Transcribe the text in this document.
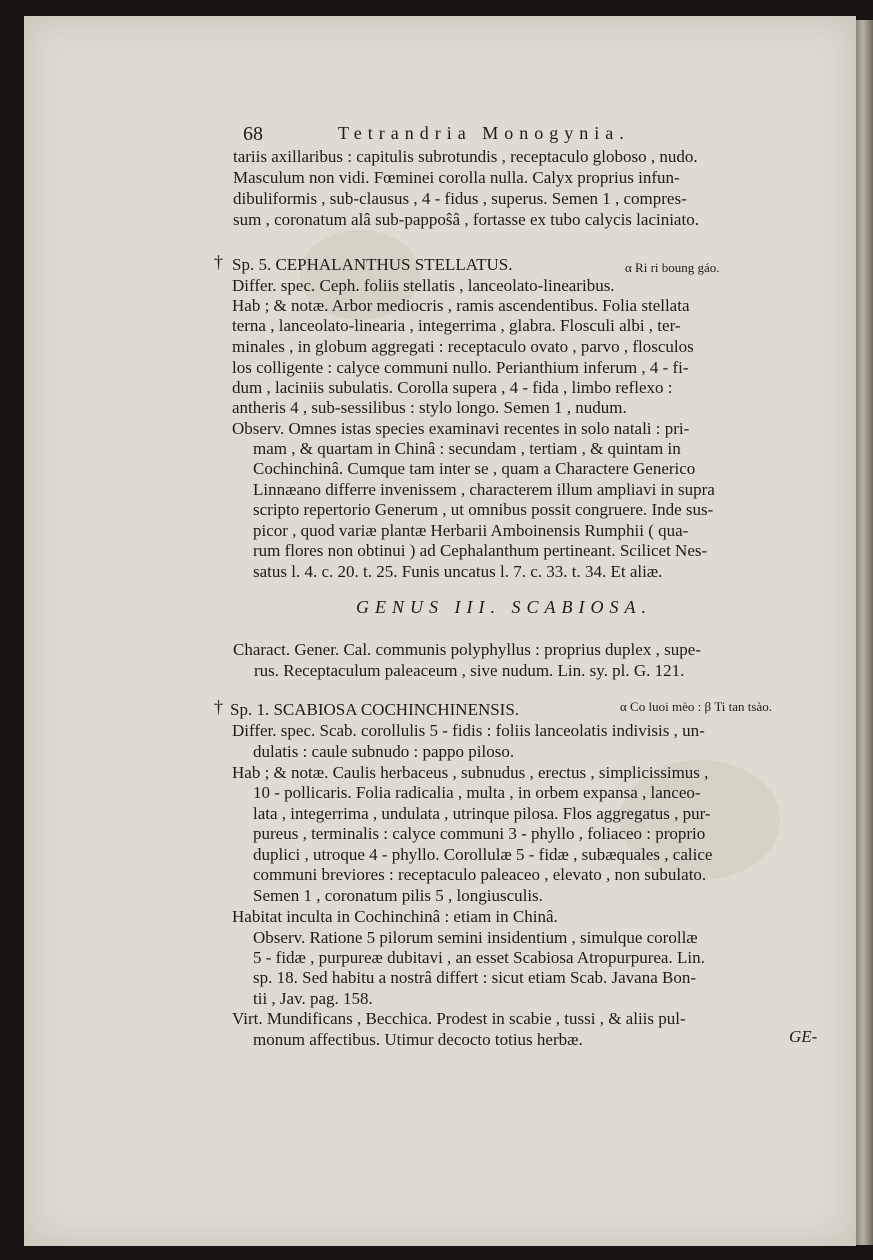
68	Tetrandria Monogynia.
tariis axillaribus : capitulis subrotundis , receptaculo globoso , nudo.
Masculum non vidi. Fœminei corolla nulla. Calyx proprius infun-
dibuliformis , sub-clausus , 4 - fidus , superus. Semen 1 , compres-
sum , coronatum alâ sub-pappoŝâ , fortasse ex tubo calycis laciniato.
Sp. 5. CEPHALANTHUS STELLATUS.
Differ. spec. Ceph. foliis stellatis , lanceolato-linearibus.
Hab ; & notæ. Arbor mediocris , ramis ascendentibus. Folia stellata
terna , lanceolato-linearia , integerrima , glabra. Flosculi albi , ter-
minales , in globum aggregati : receptaculo ovato , parvo , flosculos
los colligente : calyce communi nullo. Perianthium inferum , 4 - fi-
dum , laciniis subulatis. Corolla supera , 4 - fida , limbo reflexo :
antheris 4 , sub-sessilibus : stylo longo. Semen 1 , nudum.
Observ. Omnes istas species examinavi recentes in solo natali : pri-
mam , & quartam in Chinâ : secundam , tertiam , & quintam in
Cochinchinâ. Cumque tam inter se , quam a Charactere Generico
Linnæano differre invenissem , characterem illum ampliavi in supra
scripto repertorio Generum , ut omnibus possit congruere. Inde sus-
picor , quod variæ plantæ Herbarii Amboinensis Rumphii ( qua-
rum flores non obtinui ) ad Cephalanthum pertineant. Scilicet Nes-
satus l. 4. c. 20. t. 25. Funis uncatus l. 7. c. 33. t. 34. Et aliæ.
GENUS III. SCABIOSA.
Charact. Gener. Cal. communis polyphyllus : proprius duplex , supe-
rus. Receptaculum paleaceum , sive nudum. Lin. sy. pl. G. 121.
Sp. 1. SCABIOSA COCHINCHINENSIS.
Differ. spec. Scab. corollulis 5 - fidis : foliis lanceolatis indivisis , un-
dulatis : caule subnudo : pappo piloso.
Hab ; & notæ. Caulis herbaceus , subnudus , erectus , simplicissimus ,
10 - pollicaris. Folia radicalia , multa , in orbem expansa , lanceo-
lata , integerrima , undulata , utrinque pilosa. Flos aggregatus , pur-
pureus , terminalis : calyce communi 3 - phyllo , foliaceo : proprio
duplici , utroque 4 - phyllo. Corollulæ 5 - fidæ , subæquales , calice
communi breviores : receptaculo paleaceo , elevato , non subulato.
Semen 1 , coronatum pilis 5 , longiusculis.
Habitat inculta in Cochinchinâ : etiam in Chinâ.
Observ. Ratione 5 pilorum semini insidentium , simulque corollæ
5 - fidæ , purpureæ dubitavi , an esset Scabiosa Atropurpurea. Lin.
sp. 18. Sed habitu a nostrâ differt : sicut etiam Scab. Javana Bon-
tii , Jav. pag. 158.
Virt. Mundificans , Becchica. Prodest in scabie , tussi , & aliis pul-
monum affectibus. Utimur decocto totius herbæ.
†
†
α Ri ri boung gáo.
α Co luoi mèo : β Ti tan tsào.
GE-
